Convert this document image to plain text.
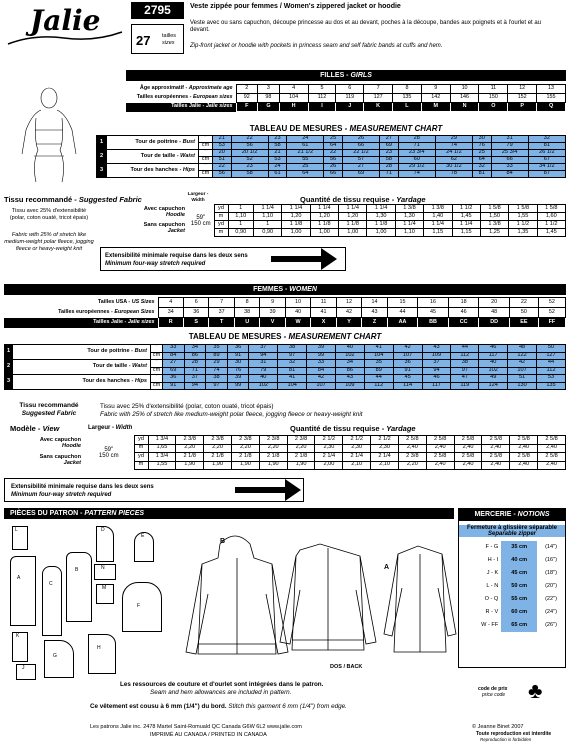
Jalie	2795	Veste zippée pour femmes / Women's zippered jacket or hoodie
27 tailles
sizes
Veste avec ou sans capuchon, découpe princesse au dos et au devant, poches à la découpe, bandes aux poignets et à l'ourlet et au devant.
Zip-front jacket or hoodie with pockets in princess seam and self fabric bands at cuffs and hem.
FILLES - GIRLS
Âge approximatif - Approximate age	2	3	4	5	6	7	8	9	10	11	12	13
Tailles européennes - European sizes	92	98	104	112	119	127	135	142	146	150	152	155
Tailles Jalie - Jalie sizes	F	G	H	I	J	K	L	M	N	O	P	Q
TABLEAU DE MESURES - MEASUREMENT CHART
1	Tour de poitrine - Bust	"	21	22	23	24	25	26	27	28	29	30	31	32
		cm	53	56	58	61	64	66	69	71	74	76	79	81
2	Tour de taille - Waist	"	20	20 1/2	21	21 1/2	22	22 1/2	23	23 3/4	24 1/2	25	25 3/4	26 1/2
		cm	51	52	53	55	56	57	58	60	62	64	66	67
3	Tour des hanches - Hips	"	22	23	24	25	26	27	28	29 1/2	30 1/2	32	33	34 1/2
		cm	56	58	61	64	66	69	71	74	78	81	84	87
Tissu recommandé - Suggested Fabric
Largeur - Width	Quantité de tissu requise - Yardage
Tissu avec 25% d'extensibilité (polar, coton ouaté, tricot épais)
Fabric with 25% of stretch like medium-weight polar fleece, jogging fleece or heavy-weight knit
Avec capuchon
Hoodie	59"
150 cm	yd	1	1 1/4	1 1/4	1 1/4	1 1/4	1 1/4	1 3/8	1 3/8	1 1/2	1 5/8	1 5/8	1 5/8
		m	1,10	1,10	1,20	1,20	1,20	1,30	1,30	1,40	1,45	1,50	1,55	1,60
Sans capuchon
Jacket		yd	1	1	1 1/8	1 1/8	1 1/8	1 1/8	1 1/4	1 1/4	1 1/4	1 3/8	1 1/2	1 1/2
		m	0,90	0,90	1,00	1,00	1,00	1,00	1,10	1,15	1,15	1,25	1,35	1,45
Extensibilité minimale requise dans les deux sens
Minimum four-way stretch required
FEMMES - WOMEN
Tailles USA - US Sizes	4	6	7	8	9	10	11	12	14	15	16	18	20	22	52
Tailles européennes - European Sizes	34	36	37	38	39	40	41	42	43	44	45	46	48	50	52
Tailles Jalie - Jalie sizes	R	S	T	U	V	W	X	Y	Z	AA	BB	CC	DD	EE	FF
TABLEAU DE MESURES - MEASUREMENT CHART
1	Tour de poitrine - Bust	"	33	34	35	36	37	38	39	40	41	42	43	44	46	48	50
		cm	84	86	89	91	94	97	99	102	104	107	109	112	117	122	127
2	Tour de taille - Waist	"	27	28	29	30	31	32	33	34	35	36	37	38	40	42	44
		cm	69	71	74	76	79	81	84	86	89	91	94	97	102	107	112
3	Tour des hanches - Hips	"	36	37	38	39	40	41	42	43	44	45	46	47	49	51	53
		cm	91	94	97	99	102	104	107	109	112	114	117	119	124	130	135
Tissu recommandé
Suggested Fabric
Tissu avec 25% d'extensibilité (polar, coton ouaté, tricot épais)
Fabric with 25% of stretch like medium-weight polar fleece, jogging fleece or heavy-weight knit
Modèle - View	Largeur - Width	Quantité de tissu requise - Yardage
Avec capuchon
Hoodie	59"
150 cm	yd	1 3/4	2 3/8	2 3/8	2 3/8	2 3/8	2 3/8	2 1/2	2 1/2	2 1/2	2 5/8	2 5/8	2 5/8	2 5/8	2 5/8	2 5/8
		m	1,65	2,20	2,20	2,20	2,20	2,20	2,30	2,30	2,30	2,40	2,40	2,40	2,40	2,40	2,40
Sans capuchon
Jacket		yd	1 3/4	2 1/8	2 1/8	2 1/8	2 1/8	2 1/8	2 1/4	2 1/4	2 1/4	2 3/8	2 5/8	2 5/8	2 5/8	2 5/8	2 5/8
		m	1,55	1,90	1,90	1,90	1,90	1,90	2,00	2,10	2,10	2,20	2,40	2,40	2,40	2,40	2,40
Extensibilité minimale requise dans les deux sens
Minimum four-way stretch required
PIÈCES DU PATRON - PATTERN PIECES
L	D
E
A
B	N
C
M
F
G
K
H
J
B
A
DOS / BACK
MERCERIE - NOTIONS
Fermeture à glissière séparable
Separable zipper
F - G	35 cm	(14")
H - I	40 cm	(16")
J - K	45 cm	(18")
L - N	50 cm	(20")
O - Q	55 cm	(22")
R - V	60 cm	(24")
W - FF	65 cm	(26")
Les ressources de couture et d'ourlet sont intégrées dans le patron.
Seam and hem allowances are included in pattern.
Ce vêtement est cousu à 6 mm (1/4") du bord. Stitch this garment 6 mm (1/4") from edge.
Les patrons Jalie inc. 2478 Martel Saint-Romuald QC Canada G6W 6L2 www.jalie.com
IMPRIMÉ AU CANADA / PRINTED IN CANADA
code de prix
price code ♣
© Jeanne Binet 2007
Toute reproduction est interdite
Reproduction is forbidden
